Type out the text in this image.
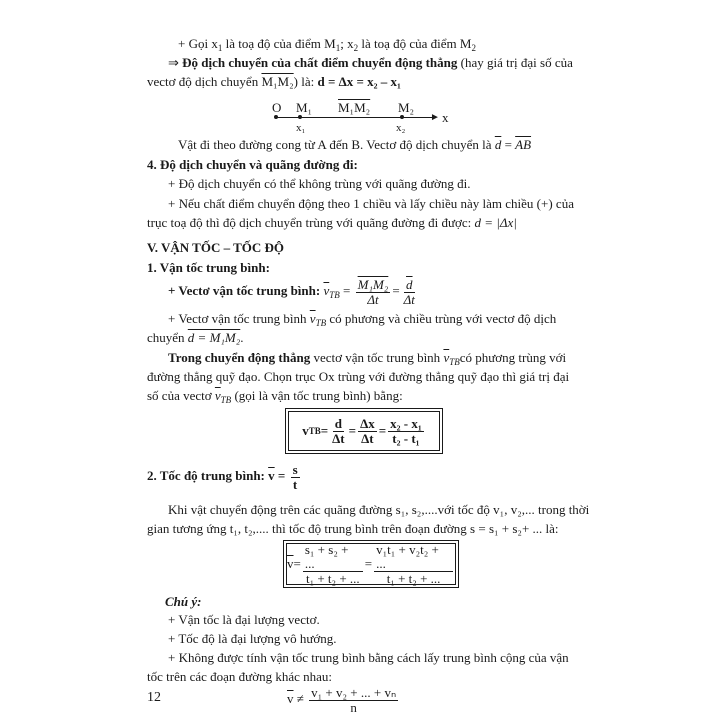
+ Gọi $x_1$ là toạ độ của điểm $M_1$; $x_2$ là toạ độ của điểm $M_2$
⇒ Độ dịch chuyển của chất điểm chuyển động thẳng (hay giá trị đại số của
vectơ độ dịch chuyển M₁M₂) là: d = Δx = x₂ – x₁
O M₁ M₁M₂ M₂
► x
x₁	x₂
Vật đi theo đường cong từ A đến B. Vectơ độ dịch chuyển là $\overline{d} = \overline{AB}$
4. Độ dịch chuyển và quãng đường đi:
+ Độ dịch chuyển có thể không trùng với quãng đường đi.
+ Nếu chất điểm chuyển động theo 1 chiều và lấy chiều này làm chiều (+) của
trục toạ độ thì độ dịch chuyển trùng với quãng đường đi được: d = |Δx|
V. VẬN TỐC – TỐC ĐỘ
1. Vận tốc trung bình:
+ Vectơ vận tốc trung bình: $\overline{v}_{TB} = \frac{\text{M₁M₂}}{\Delta t} = \frac{\overline{d}}{\Delta t}$
+ Vectơ vận tốc trung bình $\overline{v}_{TB}$ có phương và chiều trùng với vectơ độ dịch
chuyển d = M₁M₂.
Trong chuyển động thẳng vectơ vận tốc trung bình $\overline{v}_{TB}có$ phương trùng với
đường thẳng quỹ đạo. Chọn trục Ox trùng với đường thẳng quỹ đạo thì giá trị đại
số của vectơ $\overline{v}_{TB}$ (gọi là vận tốc trung bình) bằng:
v TB = $\frac{d}{\Delta t} = \frac{\Delta x}{\Delta t} = \frac{\text{x₂ - x₁}}{\text{t₂ - t₁}}$
2. Tốc độ trung bình: $\overline{v} = \frac{s}{t}$
Khi vật chuyển động trên các quãng đường s₁, s₂,....với tốc độ v₁, v₂,... trong thời
gian tương ứng t₁, t₂,.... thì tốc độ trung bình trên đoạn đường s = s₁ + s₂+ ... là:
$\overline{v} = \frac{\text{s₁ + s₂ + ...}}{\text{t₁ + t₂ + ...}} = \frac{\text{v₁t₁ + v₂t₂ + ...}}{\text{t₁ + t₂ + ...}}$
Chú ý:
+ Vận tốc là đại lượng vectơ.
+ Tốc độ là đại lượng vô hướng.
+ Không được tính vận tốc trung bình bằng cách lấy trung bình cộng của vận
tốc trên các đoạn đường khác nhau:
$\overline{v} \ne \frac{\text{v₁ + v₂ + ... + vₙ}}{n}$
12
